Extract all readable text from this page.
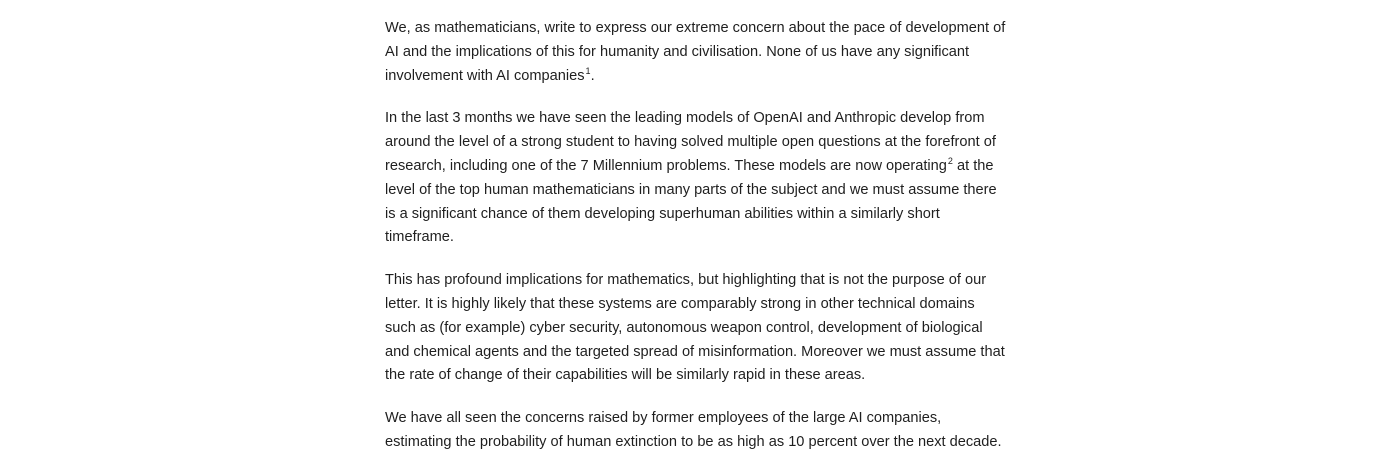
We, as mathematicians, write to express our extreme concern about the pace of development of
AI and the implications of this for humanity and civilisation. None of us have any significant
involvement with AI companies$^1$.

In the last 3 months we have seen the leading models of OpenAI and Anthropic develop from
around the level of a strong student to having solved multiple open questions at the forefront of
research, including one of the 7 Millennium problems. These models are now operating$^2$ at the
level of the top human mathematicians in many parts of the subject and we must assume there
is a significant chance of them developing superhuman abilities within a similarly short
timeframe.

This has profound implications for mathematics, but highlighting that is not the purpose of our
letter. It is highly likely that these systems are comparably strong in other technical domains
such as (for example) cyber security, autonomous weapon control, development of biological
and chemical agents and the targeted spread of misinformation. Moreover we must assume that
the rate of change of their capabilities will be similarly rapid in these areas.

We have all seen the concerns raised by former employees of the large AI companies,
estimating the probability of human extinction to be as high as 10 percent over the next decade.
